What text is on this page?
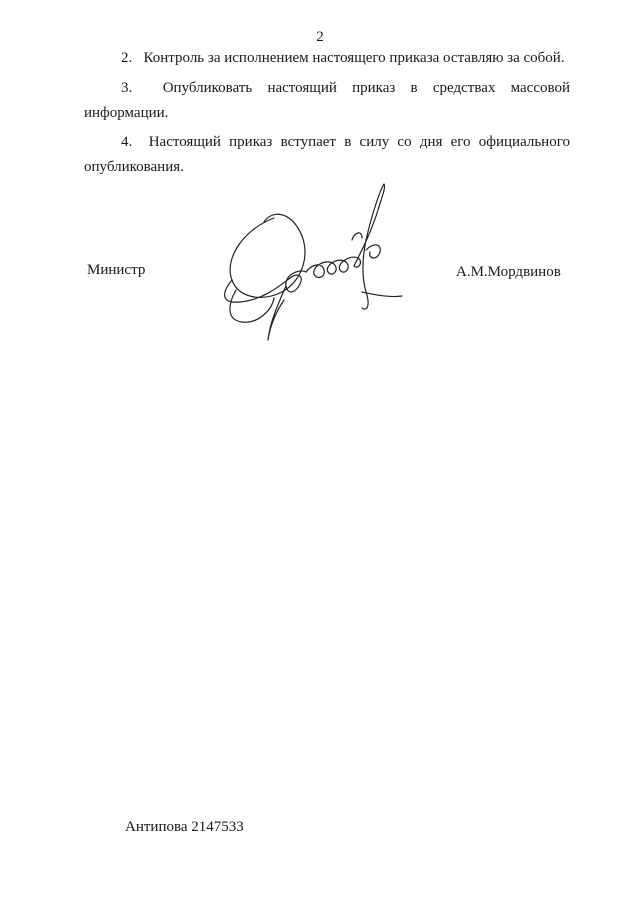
2

2.   Контроль за исполнением настоящего приказа оставляю за собой.

3.  Опубликовать настоящий приказ в средствах массовой информации.

4.  Настоящий приказ вступает в силу со дня его официального опубликования.

Министр	А.М.Мордвинов
Антипова 2147533
